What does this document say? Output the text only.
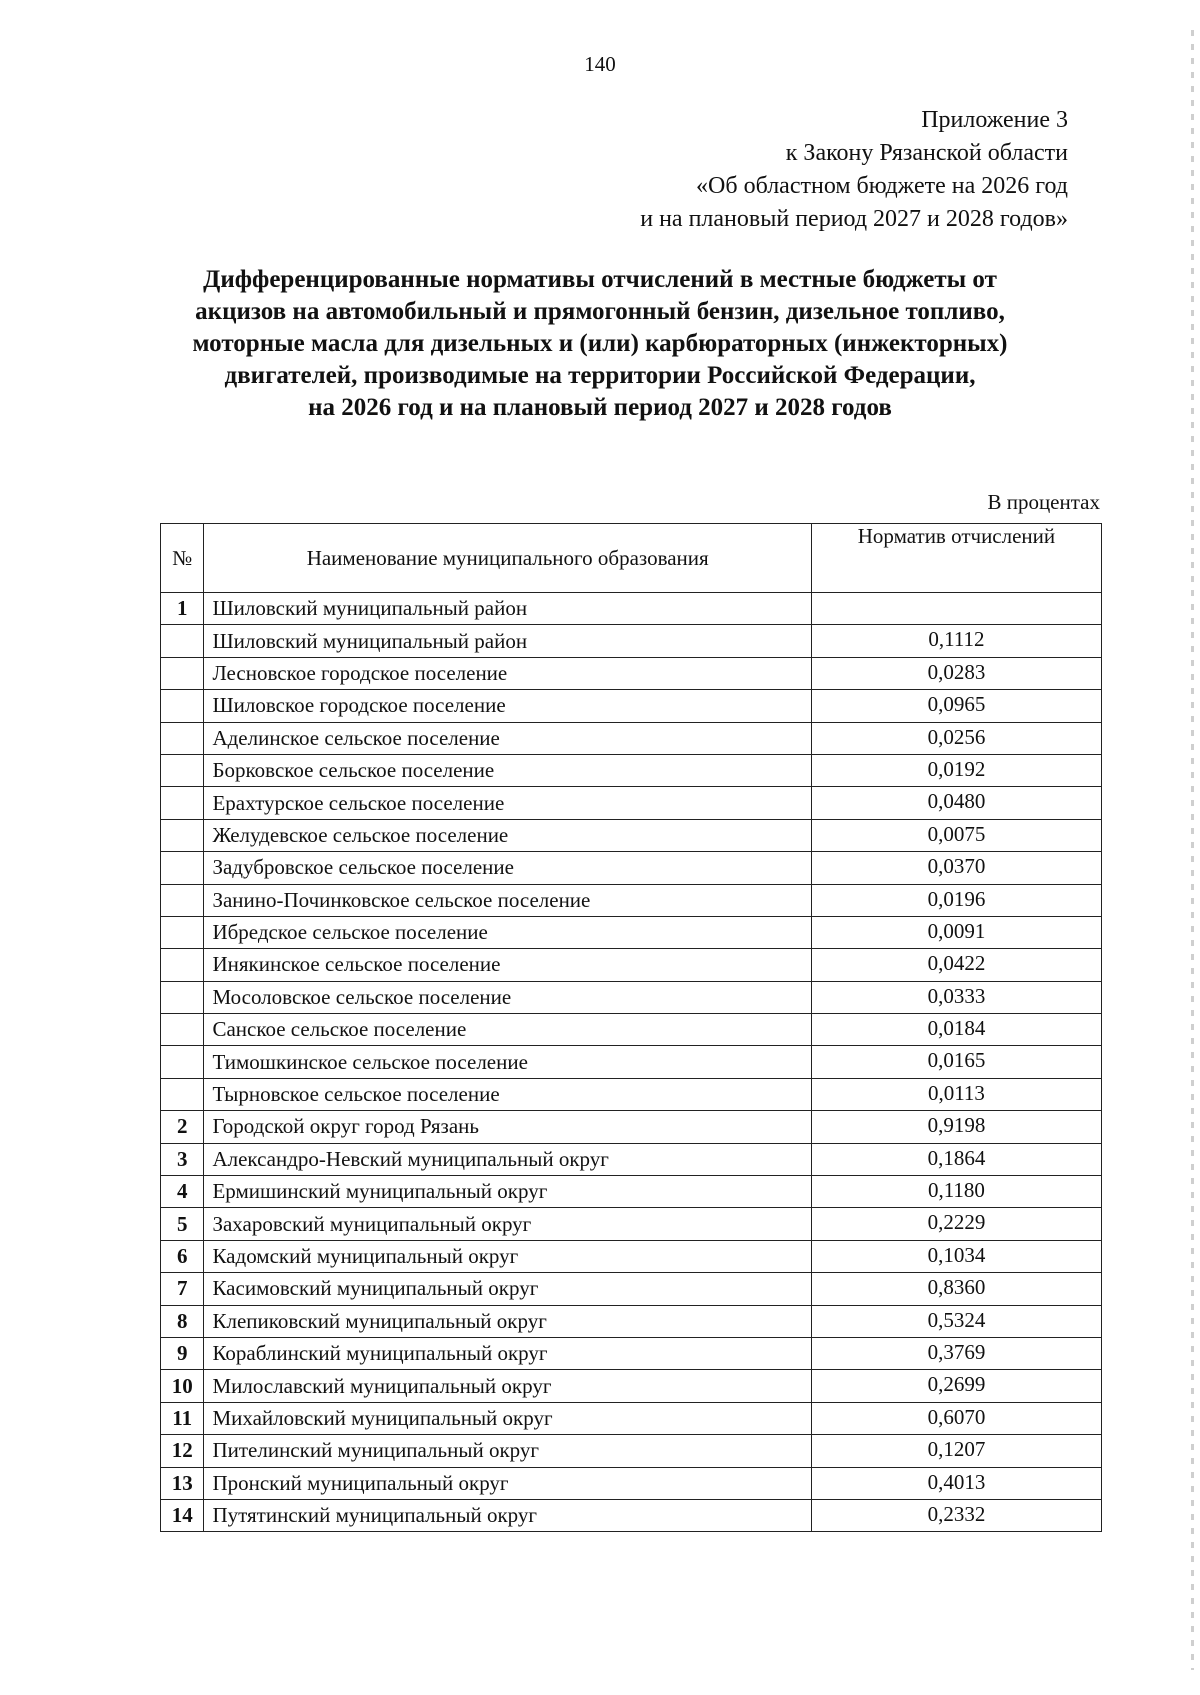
140
Приложение 3
к Закону Рязанской области
«Об областном бюджете на 2026 год
и на плановый период 2027 и 2028 годов»
Дифференцированные нормативы отчислений в местные бюджеты от
акцизов на автомобильный и прямогонный бензин, дизельное топливо,
моторные масла для дизельных и (или) карбюраторных (инжекторных)
двигателей, производимые на территории Российской Федерации,
на 2026 год и на плановый период 2027 и 2028 годов
В процентах
№	Наименование муниципального образования	Норматив отчислений
1	Шиловский муниципальный район	
	Шиловский муниципальный район	0,1112
	Лесновское городское поселение	0,0283
	Шиловское городское поселение	0,0965
	Аделинское сельское поселение	0,0256
	Борковское сельское поселение	0,0192
	Ерахтурское сельское поселение	0,0480
	Желудевское сельское поселение	0,0075
	Задубровское сельское поселение	0,0370
	Занино-Починковское сельское поселение	0,0196
	Ибредское сельское поселение	0,0091
	Инякинское сельское поселение	0,0422
	Мосоловское сельское поселение	0,0333
	Санское сельское поселение	0,0184
	Тимошкинское сельское поселение	0,0165
	Тырновское сельское поселение	0,0113
2	Городской округ город Рязань	0,9198
3	Александро-Невский муниципальный округ	0,1864
4	Ермишинский муниципальный округ	0,1180
5	Захаровский муниципальный округ	0,2229
6	Кадомский муниципальный округ	0,1034
7	Касимовский муниципальный округ	0,8360
8	Клепиковский муниципальный округ	0,5324
9	Кораблинский муниципальный округ	0,3769
10	Милославский муниципальный округ	0,2699
11	Михайловский муниципальный округ	0,6070
12	Пителинский муниципальный округ	0,1207
13	Пронский муниципальный округ	0,4013
14	Путятинский муниципальный округ	0,2332
